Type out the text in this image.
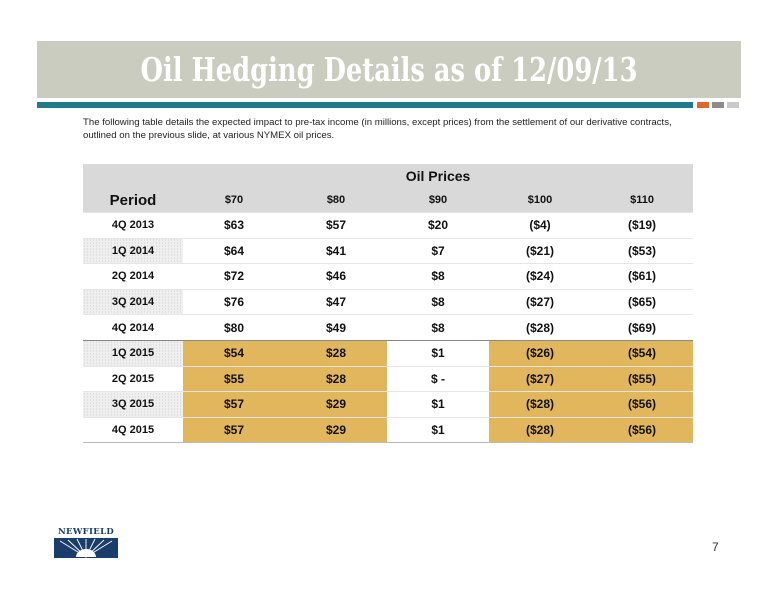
Oil Hedging Details as of 12/09/13
The following table details the expected impact to pre-tax income (in millions, except prices) from the settlement of our derivative contracts, outlined on the previous slide, at various NYMEX oil prices.
	Oil Prices				
Period	$70	$80	$90	$100	$110
4Q 2013	$63	$57	$20	($4)	($19)
1Q 2014	$64	$41	$7	($21)	($53)
2Q 2014	$72	$46	$8	($24)	($61)
3Q 2014	$76	$47	$8	($27)	($65)
4Q 2014	$80	$49	$8	($28)	($69)
1Q 2015	$54	$28	$1	($26)	($54)
2Q 2015	$55	$28	$ -	($27)	($55)
3Q 2015	$57	$29	$1	($28)	($56)
4Q 2015	$57	$29	$1	($28)	($56)
NEWFIELD
7
